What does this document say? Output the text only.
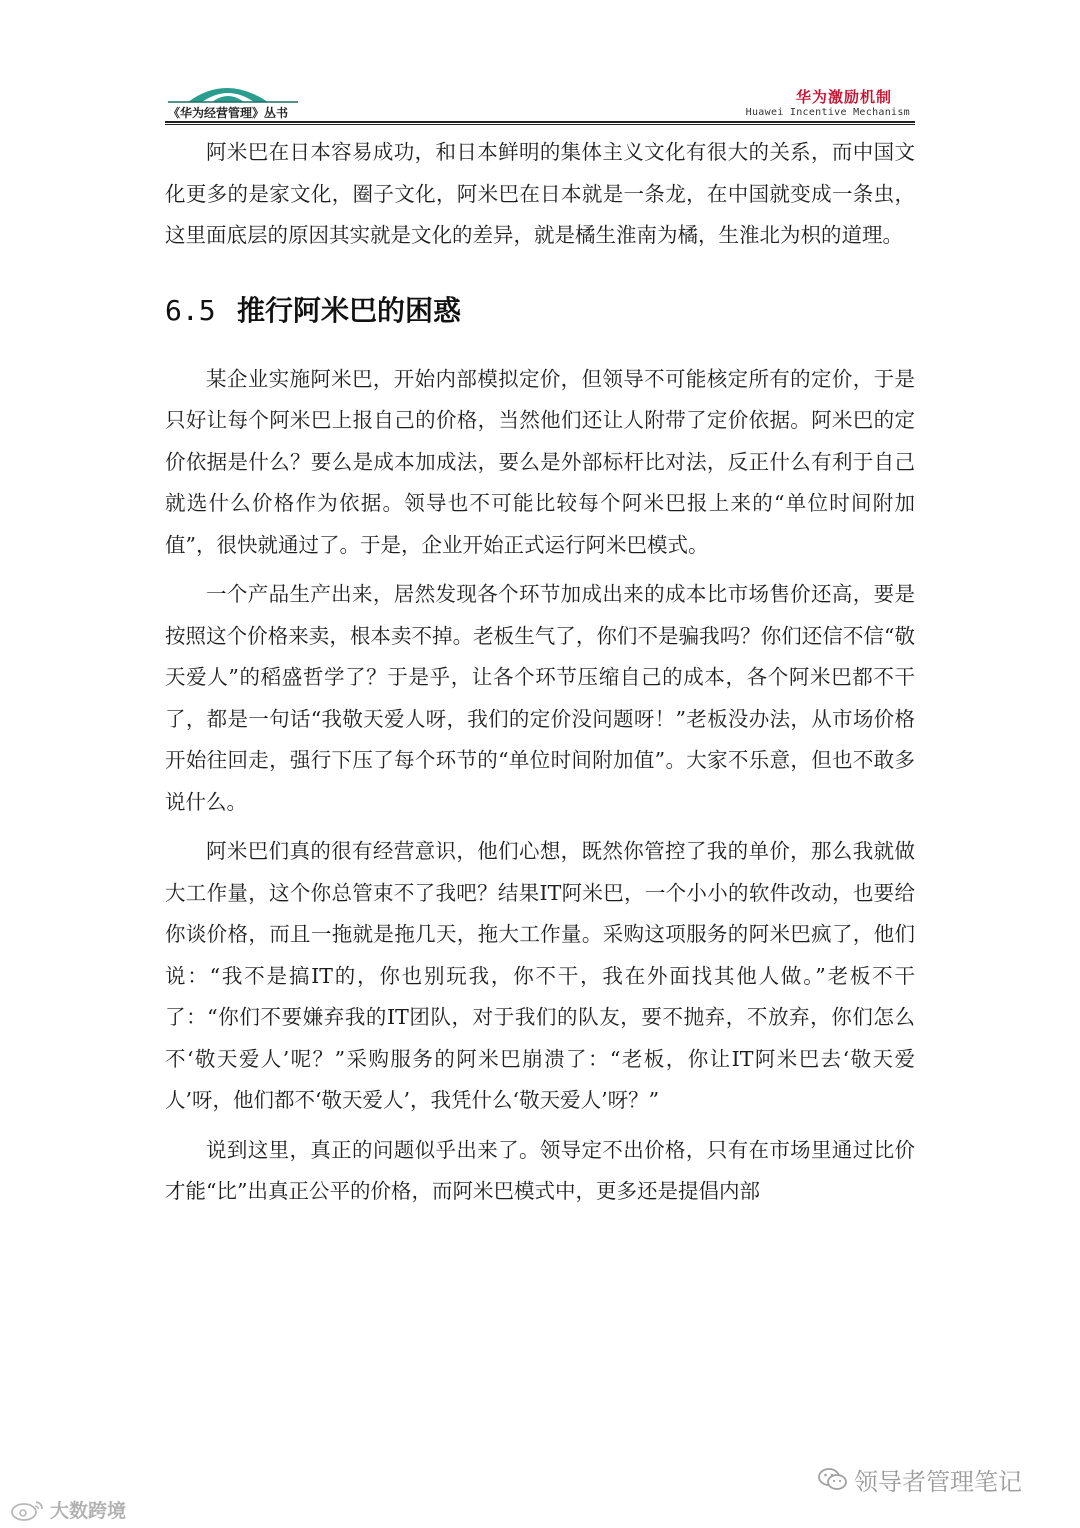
《华为经营管理》丛书
华为激励机制
Huawei Incentive Mechanism

阿米巴在日本容易成功，和日本鲜明的集体主义文化有很大的关系，而中国文化更多的是家文化，圈子文化，阿米巴在日本就是一条龙，在中国就变成一条虫，这里面底层的原因其实就是文化的差异，就是橘生淮南为橘，生淮北为枳的道理。

6.5 推行阿米巴的困惑

某企业实施阿米巴，开始内部模拟定价，但领导不可能核定所有的定价，于是只好让每个阿米巴上报自己的价格，当然他们还让人附带了定价依据。阿米巴的定价依据是什么？要么是成本加成法，要么是外部标杆比对法，反正什么有利于自己就选什么价格作为依据。领导也不可能比较每个阿米巴报上来的“单位时间附加值”，很快就通过了。于是，企业开始正式运行阿米巴模式。

一个产品生产出来，居然发现各个环节加成出来的成本比市场售价还高，要是按照这个价格来卖，根本卖不掉。老板生气了，你们不是骗我吗？你们还信不信“敬天爱人”的稻盛哲学了？于是乎，让各个环节压缩自己的成本，各个阿米巴都不干了，都是一句话“我敬天爱人呀，我们的定价没问题呀！”老板没办法，从市场价格开始往回走，强行下压了每个环节的“单位时间附加值”。大家不乐意，但也不敢多说什么。

阿米巴们真的很有经营意识，他们心想，既然你管控了我的单价，那么我就做大工作量，这个你总管束不了我吧？结果IT阿米巴，一个小小的软件改动，也要给你谈价格，而且一拖就是拖几天，拖大工作量。采购这项服务的阿米巴疯了，他们说：“我不是搞IT的，你也别玩我，你不干，我在外面找其他人做。”老板不干了：“你们不要嫌弃我的IT团队，对于我们的队友，要不抛弃，不放弃，你们怎么不‘敬天爱人’呢？”采购服务的阿米巴崩溃了：“老板，你让IT阿米巴去‘敬天爱人’呀，他们都不‘敬天爱人’，我凭什么‘敬天爱人’呀？”

说到这里，真正的问题似乎出来了。领导定不出价格，只有在市场里通过比价才能“比”出真正公平的价格，而阿米巴模式中，更多还是提倡内部

领导者管理笔记
大数跨境
